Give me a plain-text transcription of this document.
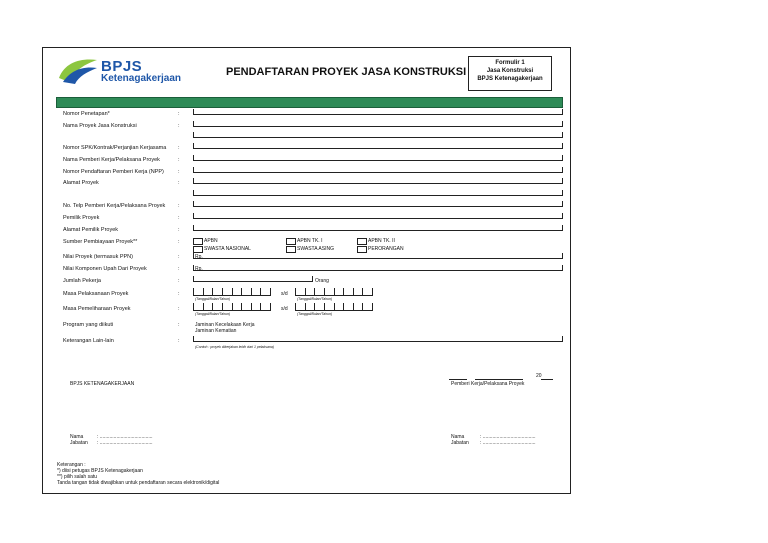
BPJS
Ketenagakerjaan
PENDAFTARAN PROYEK JASA KONSTRUKSI
Formulir 1
Jasa Konstruksi
BPJS Ketenagakerjaan
Nomor Penetapan*	:
Nama Proyek Jasa Konstruksi	:
Nomor SPK/Kontrak/Perjanjian Kerjasama :
Nama Pemberi Kerja/Pelaksana Proyek	:
Nomor Pendaftaran Pemberi Kerja (NPP)	:
Alamat Proyek	:
No. Telp Pemberi Kerja/Pelaksana Proyek :
Pemilik Proyek	:
Alamat Pemilik Proyek	:
Sumber Pembiayaan Proyek**	:	APBN	APBN TK. I	APBN TK. II
SWASTA NASIONAL	SWASTA ASING	PERORANGAN
Nilai Proyek (termasuk PPN)	:	Rp.
Nilai Komponen Upah Dari Proyek	:	Rp.
Jumlah Pekerja	:	Orang
Masa Pelaksanaan Proyek	:	s/d
(Tanggal/Bulan/Tahun)	(Tanggal/Bulan/Tahun)
Masa Pemeliharaan Proyek	:	s/d
(Tanggal/Bulan/Tahun)	(Tanggal/Bulan/Tahun)
Program yang diikuti	:	Jaminan Kecelakaan Kerja
Jaminan Kematian
Keterangan Lain-lain	:
(Contoh : proyek dikerjakan lebih dari 1 pelaksana)
20
BPJS KETENAGAKERJAAN	Pemberi Kerja/Pelaksana Proyek
Nama	: ......................................
Jabatan : ......................................
Nama	: ......................................
Jabatan : ......................................
Keterangan :
*) diisi petugas BPJS Ketenagakerjaan
**) pilih salah satu
Tanda tangan tidak diwajibkan untuk pendaftaran secara elektronik/digital
